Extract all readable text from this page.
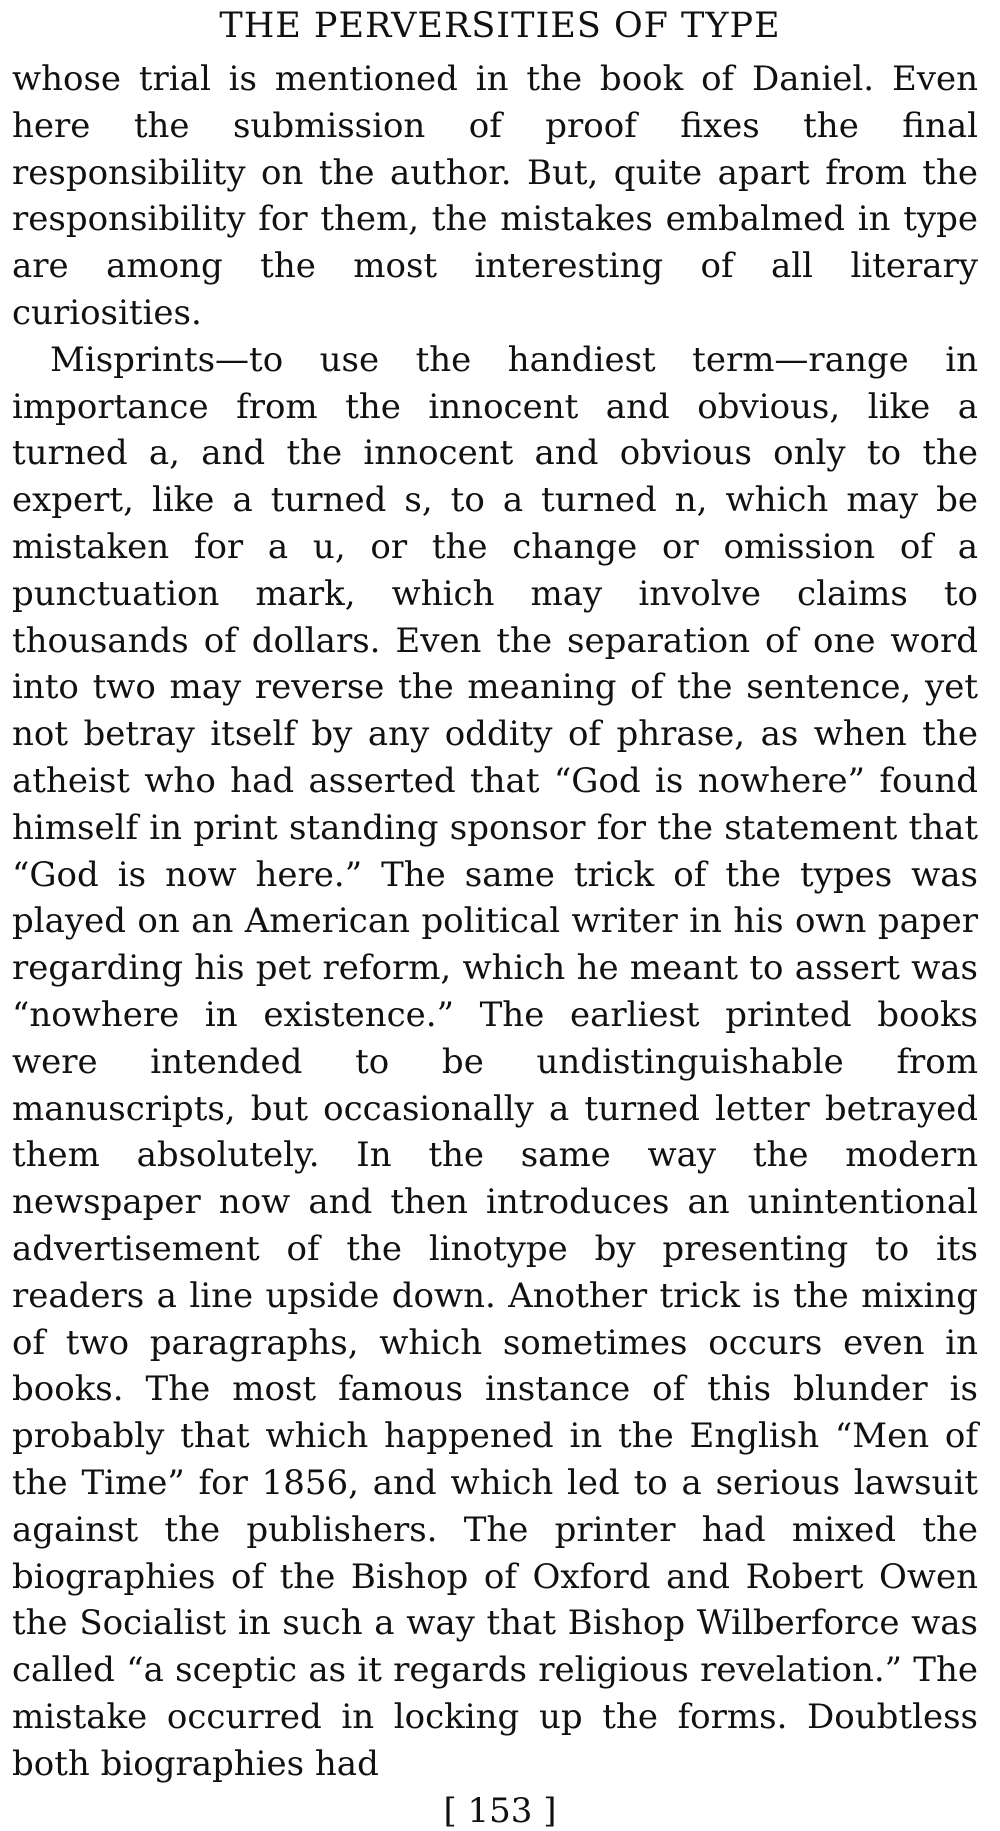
THE PERVERSITIES OF TYPE

whose trial is mentioned in the book of Daniel. Even here the submission of proof fixes the final responsibility on the author. But, quite apart from the responsibility for them, the mistakes embalmed in type are among the most interesting of all literary curiosities.

Misprints—to use the handiest term—range in importance from the innocent and obvious, like a turned a, and the innocent and obvious only to the expert, like a turned s, to a turned n, which may be mistaken for a u, or the change or omission of a punctuation mark, which may involve claims to thousands of dollars. Even the separation of one word into two may reverse the meaning of the sentence, yet not betray itself by any oddity of phrase, as when the atheist who had asserted that “God is nowhere” found himself in print standing sponsor for the statement that “God is now here.” The same trick of the types was played on an American political writer in his own paper regarding his pet reform, which he meant to assert was “nowhere in existence.” The earliest printed books were intended to be undistinguishable from manuscripts, but occasionally a turned letter betrayed them absolutely. In the same way the modern newspaper now and then introduces an unintentional advertisement of the linotype by presenting to its readers a line upside down. Another trick is the mixing of two paragraphs, which sometimes occurs even in books. The most famous instance of this blunder is probably that which happened in the English “Men of the Time” for 1856, and which led to a serious lawsuit against the publishers. The printer had mixed the biographies of the Bishop of Oxford and Robert Owen the Socialist in such a way that Bishop Wilberforce was called “a sceptic as it regards religious revelation.” The mistake occurred in locking up the forms. Doubtless both biographies had

[ 153 ]
